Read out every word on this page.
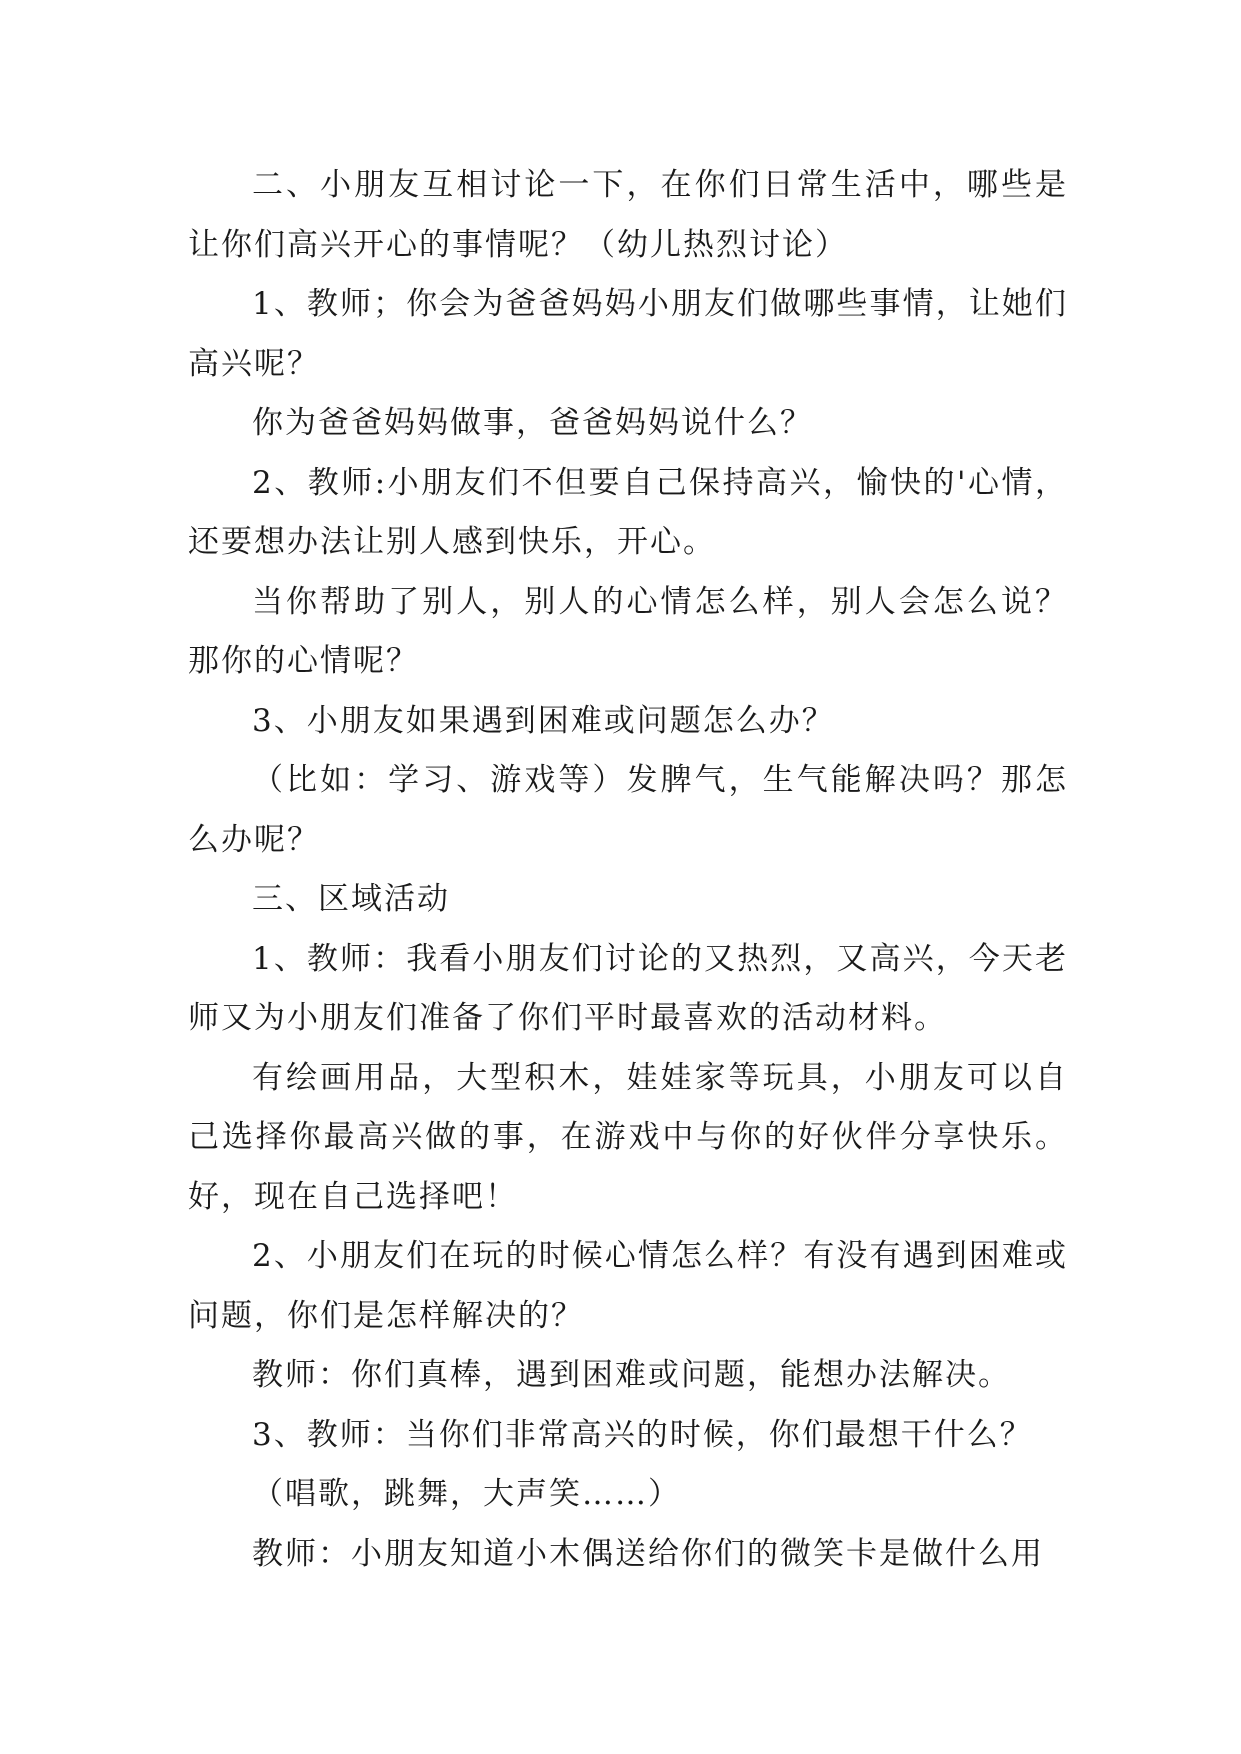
二、小朋友互相讨论一下，在你们日常生活中，哪些是让你们高兴开心的事情呢？（幼儿热烈讨论）

1、教师；你会为爸爸妈妈小朋友们做哪些事情，让她们高兴呢？

你为爸爸妈妈做事，爸爸妈妈说什么？

2、教师:小朋友们不但要自己保持高兴，愉快的'心情，还要想办法让别人感到快乐，开心。

当你帮助了别人，别人的心情怎么样，别人会怎么说？那你的心情呢？

3、小朋友如果遇到困难或问题怎么办？

（比如：学习、游戏等）发脾气，生气能解决吗？那怎么办呢？

三、区域活动

1、教师：我看小朋友们讨论的又热烈，又高兴，今天老师又为小朋友们准备了你们平时最喜欢的活动材料。

有绘画用品，大型积木，娃娃家等玩具，小朋友可以自己选择你最高兴做的事，在游戏中与你的好伙伴分享快乐。好，现在自己选择吧！

2、小朋友们在玩的时候心情怎么样？有没有遇到困难或问题，你们是怎样解决的？

教师：你们真棒，遇到困难或问题，能想办法解决。

3、教师：当你们非常高兴的时候，你们最想干什么？

（唱歌，跳舞，大声笑……）

教师：小朋友知道小木偶送给你们的微笑卡是做什么用
